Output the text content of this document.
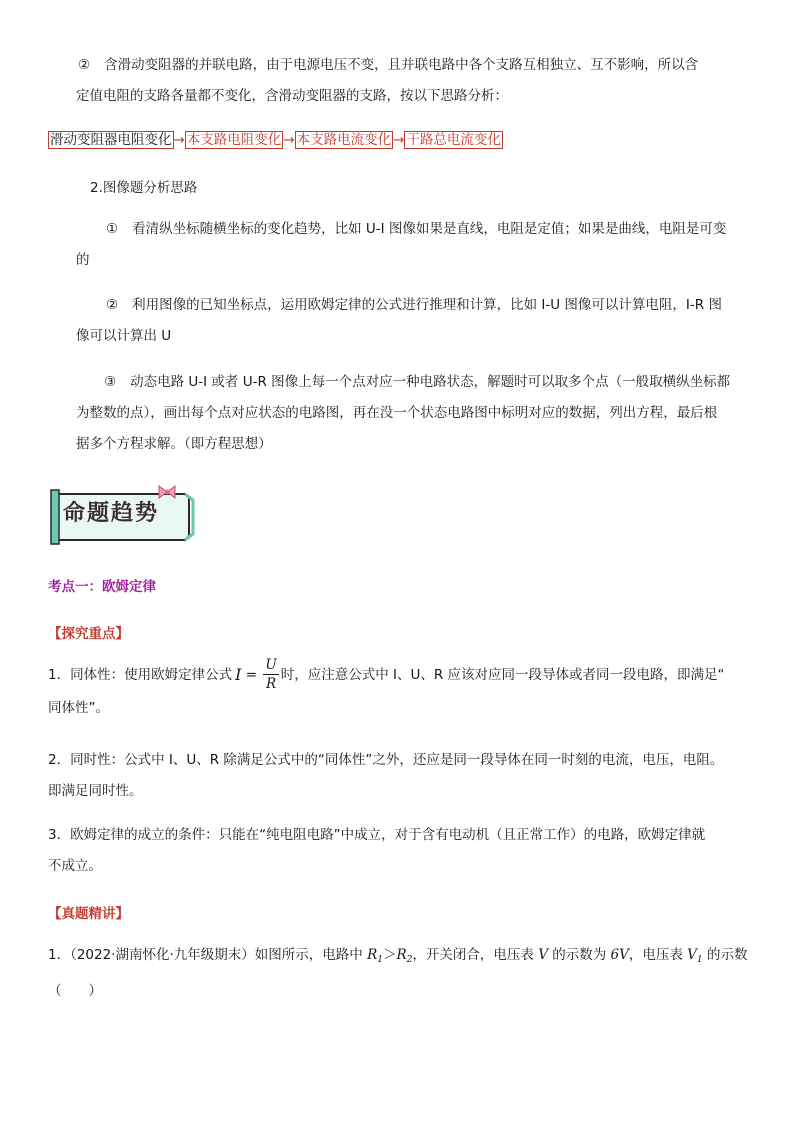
② 含滑动变阻器的并联电路，由于电源电压不变，且并联电路中各个支路互相独立、互不影响，所以含
定值电阻的支路各量都不变化，含滑动变阻器的支路，按以下思路分析：
滑动变阻器电阻变化 → 本支路电阻变化 → 本支路电流变化 → 干路总电流变化
2.图像题分析思路
① 看清纵坐标随横坐标的变化趋势，比如 U-I 图像如果是直线，电阻是定值；如果是曲线，电阻是可变
的
② 利用图像的已知坐标点，运用欧姆定律的公式进行推理和计算，比如 I-U 图像可以计算电阻，I-R 图
像可以计算出 U
③ 动态电路 U-I 或者 U-R 图像上每一个点对应一种电路状态，解题时可以取多个点（一般取横纵坐标都
为整数的点），画出每个点对应状态的电路图，再在没一个状态电路图中标明对应的数据，列出方程，最后根
据多个方程求解。（即方程思想）
命题趋势
考点一：欧姆定律
【探究重点】
1．同体性：使用欧姆定律公式 $I = \frac{U}{R}$ 时，应注意公式中 I、U、R 应该对应同一段导体或者同一段电路，即满足“
同体性”。
2．同时性：公式中 I、U、R 除满足公式中的“同体性”之外，还应是同一段导体在同一时刻的电流，电压，电阻。
即满足同时性。
3．欧姆定律的成立的条件：只能在“纯电阻电路”中成立，对于含有电动机（且正常工作）的电路，欧姆定律就
不成立。
【真题精讲】
1．（2022·湖南怀化·九年级期末）如图所示，电路中 $R_1>R_2$，开关闭合，电压表 V 的示数为 6V，电压表 $V_1$ 的示数
（　　）
